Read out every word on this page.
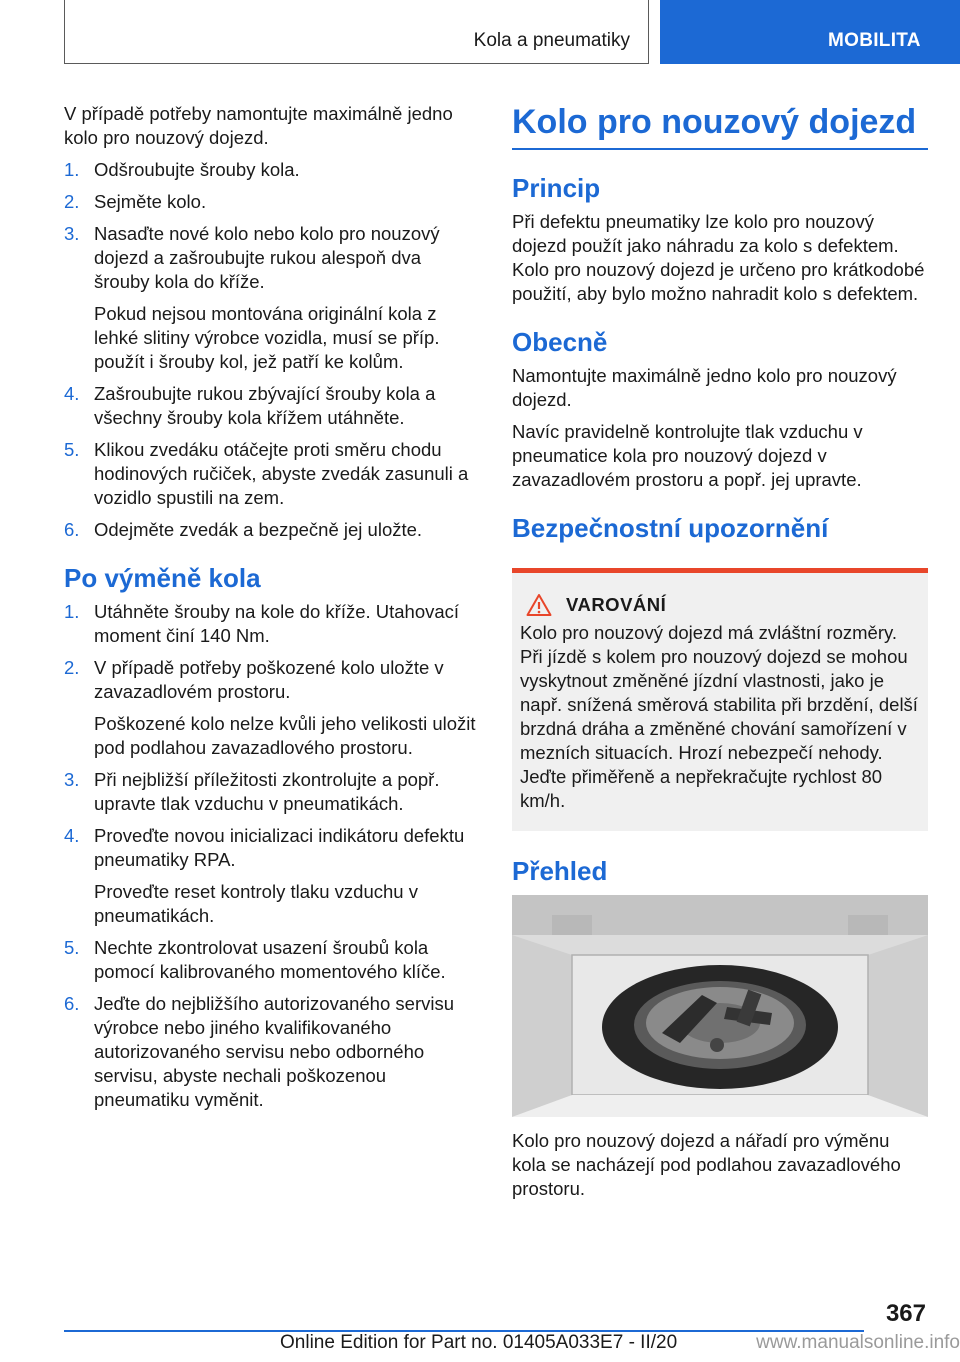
Kola a pneumatiky	MOBILITA

V případě potřeby namontujte maximálně jedno kolo pro nouzový dojezd.

1. Odšroubujte šrouby kola.
2. Sejměte kolo.
3. Nasaďte nové kolo nebo kolo pro nouzový dojezd a zašroubujte rukou alespoň dva šrouby kola do kříže.
Pokud nejsou montována originální kola z lehké slitiny výrobce vozidla, musí se příp. použít i šrouby kol, jež patří ke kolům.
4. Zašroubujte rukou zbývající šrouby kola a všechny šrouby kola křížem utáhněte.
5. Klikou zvedáku otáčejte proti směru chodu hodinových ručiček, abyste zvedák zasunuli a vozidlo spustili na zem.
6. Odejměte zvedák a bezpečně jej uložte.
Po výměně kola
1. Utáhněte šrouby na kole do kříže. Utahovací moment činí 140 Nm.
2. V případě potřeby poškozené kolo uložte v zavazadlovém prostoru.
Poškozené kolo nelze kvůli jeho velikosti uložit pod podlahou zavazadlového prostoru.
3. Při nejbližší příležitosti zkontrolujte a popř. upravte tlak vzduchu v pneumatikách.
4. Proveďte novou inicializaci indikátoru defektu pneumatiky RPA.
Proveďte reset kontroly tlaku vzduchu v pneumatikách.
5. Nechte zkontrolovat usazení šroubů kola pomocí kalibrovaného momentového klíče.
6. Jeďte do nejbližšího autorizovaného servisu výrobce nebo jiného kvalifikovaného autorizovaného servisu nebo odborného servisu, abyste nechali poškozenou pneumatiku vyměnit.
Kolo pro nouzový dojezd
Princip

Při defektu pneumatiky lze kolo pro nouzový dojezd použít jako náhradu za kolo s defektem. Kolo pro nouzový dojezd je určeno pro krátkodobé použití, aby bylo možno nahradit kolo s defektem.

Obecně

Namontujte maximálně jedno kolo pro nouzový dojezd.

Navíc pravidelně kontrolujte tlak vzduchu v pneumatice kola pro nouzový dojezd v zavazadlovém prostoru a popř. jej upravte.

Bezpečnostní upozornění
VAROVÁNÍ

Kolo pro nouzový dojezd má zvláštní rozměry. Při jízdě s kolem pro nouzový dojezd se mohou vyskytnout změněné jízdní vlastnosti, jako je např. snížená směrová stabilita při brzdění, delší brzdná dráha a změněné chování samořízení v mezních situacích. Hrozí nebezpečí nehody. Jeďte přiměřeně a nepřekračujte rychlost 80 km/h.

Přehled

Kolo pro nouzový dojezd a nářadí pro výměnu kola se nacházejí pod podlahou zavazadlového prostoru.

367
Online Edition for Part no. 01405A033E7 - II/20	www.manualsonline.info
